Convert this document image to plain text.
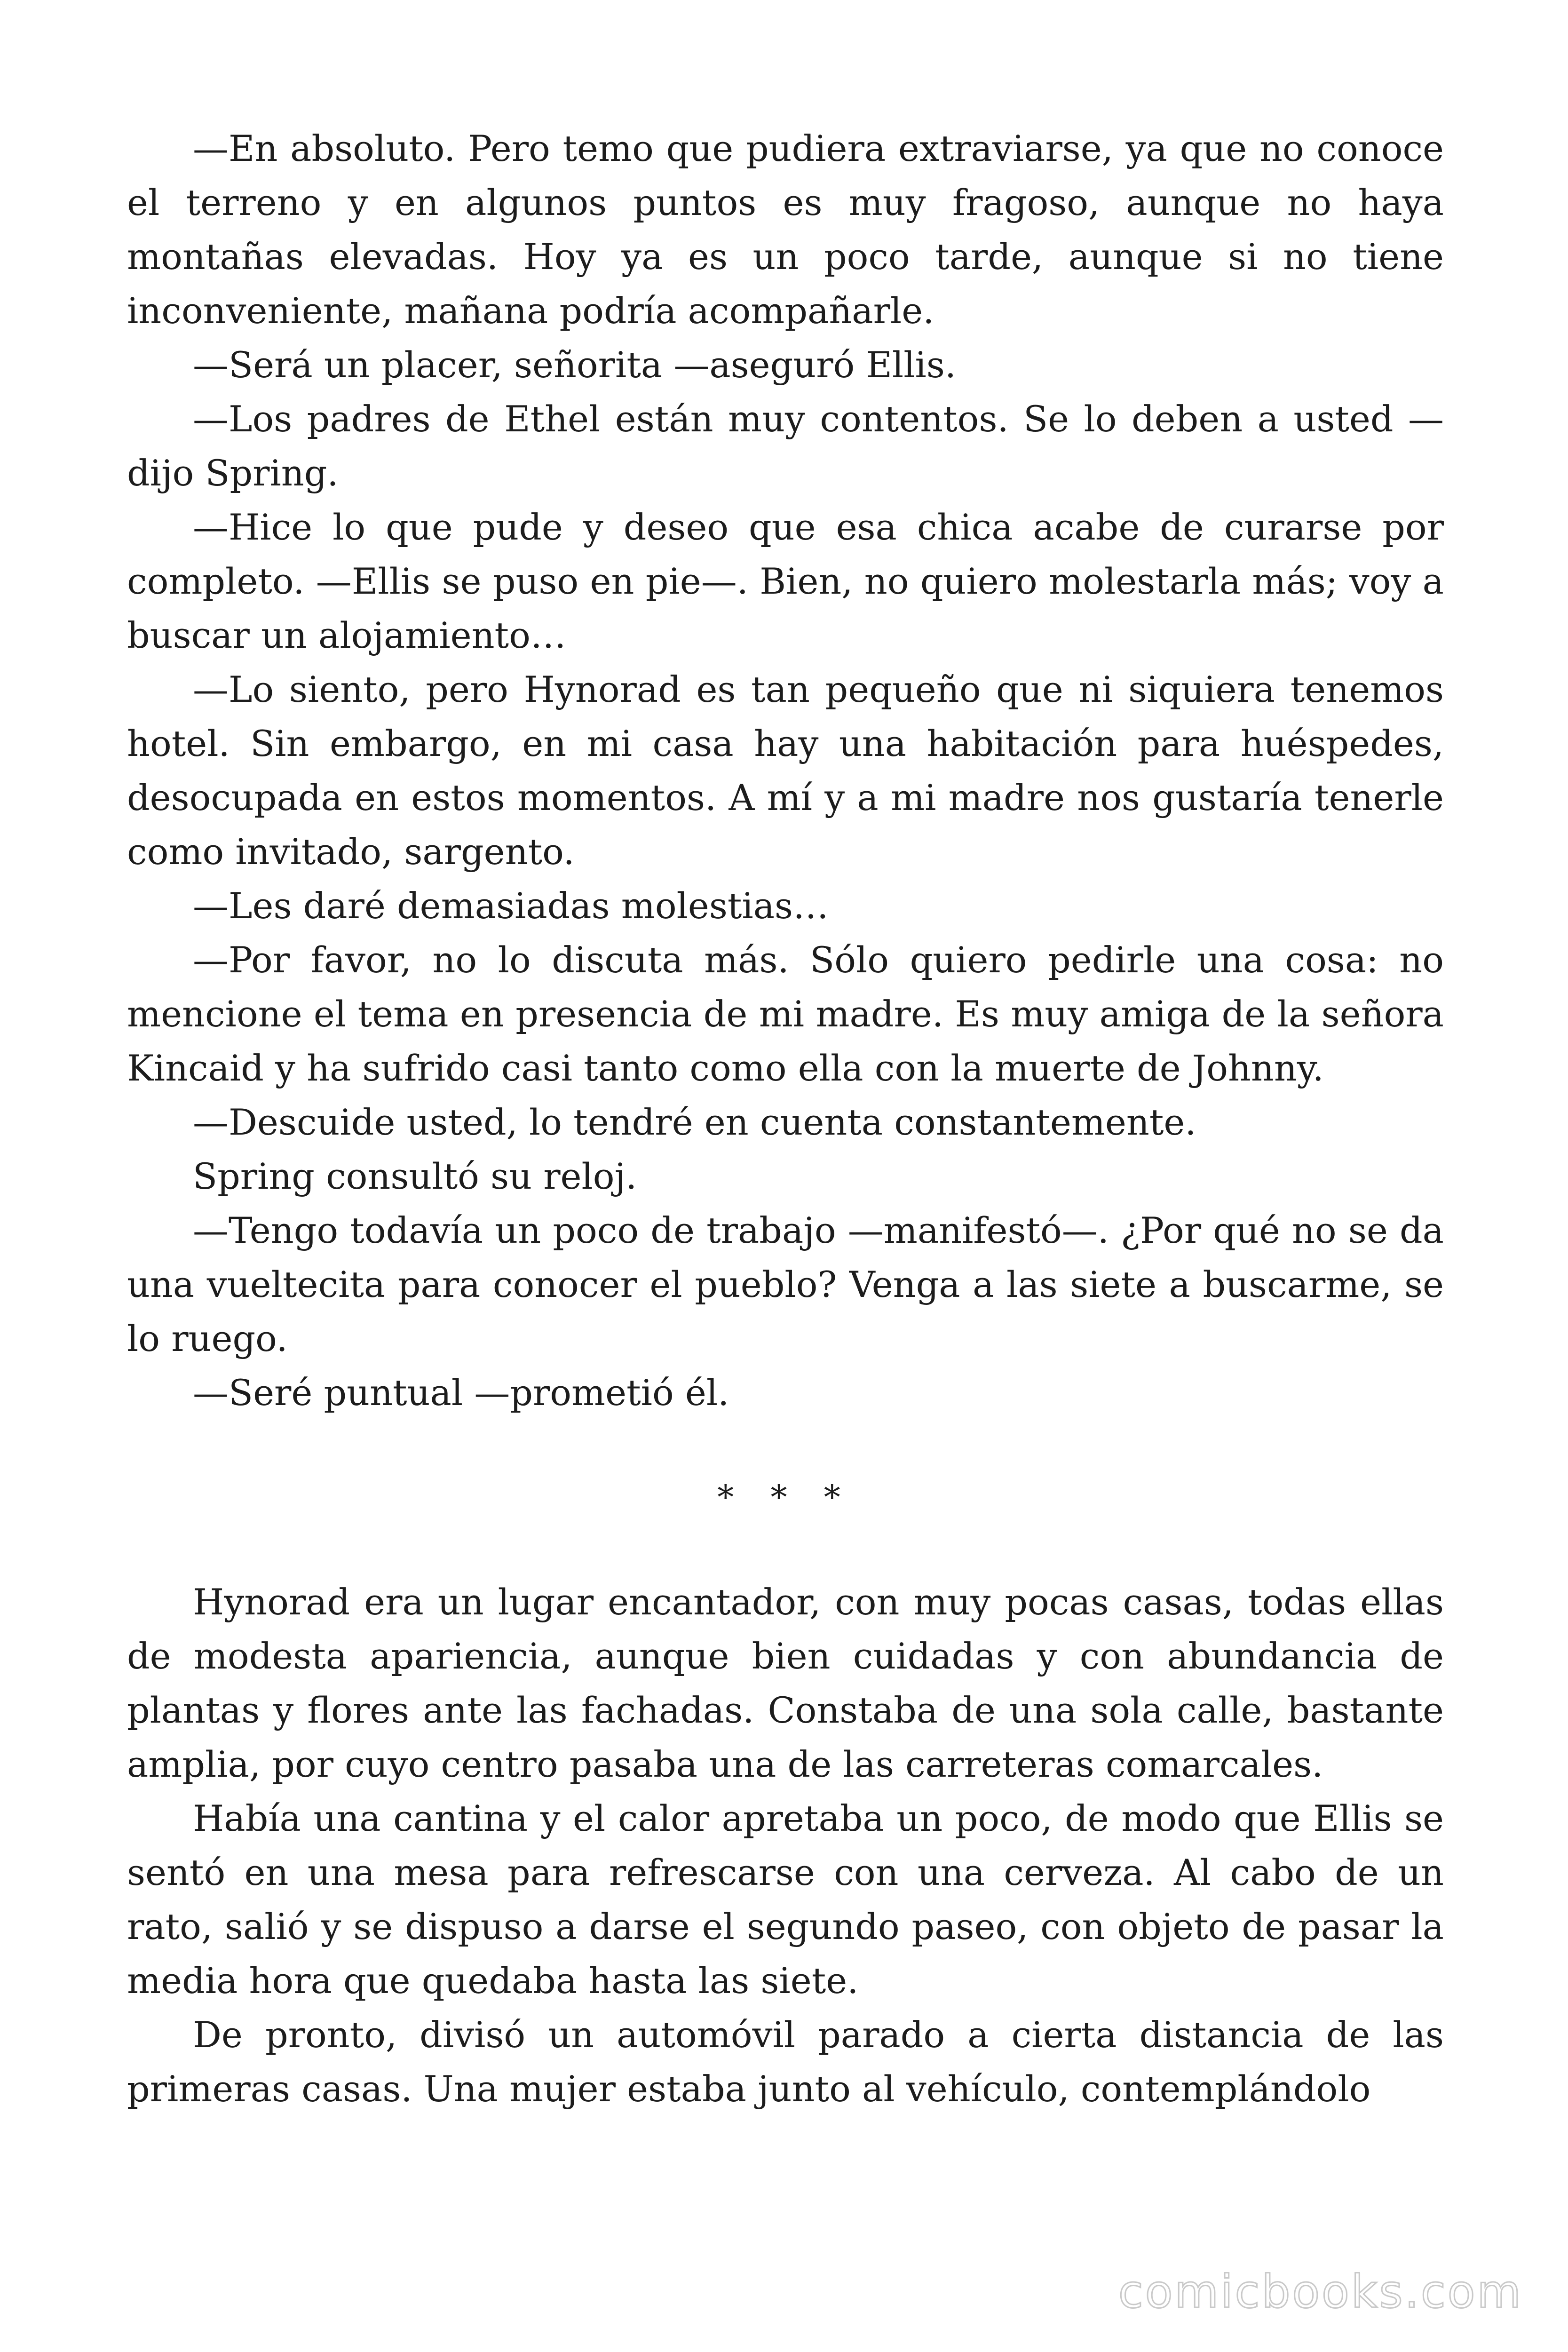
—En absoluto. Pero temo que pudiera extraviarse, ya que no conoce el terreno y en algunos puntos es muy fragoso, aunque no haya montañas elevadas. Hoy ya es un poco tarde, aunque si no tiene inconveniente, mañana podría acompañarle.

—Será un placer, señorita —aseguró Ellis.

—Los padres de Ethel están muy contentos. Se lo deben a usted —dijo Spring.

—Hice lo que pude y deseo que esa chica acabe de curarse por completo. —Ellis se puso en pie—. Bien, no quiero molestarla más; voy a buscar un alojamiento…

—Lo siento, pero Hynorad es tan pequeño que ni siquiera tenemos hotel. Sin embargo, en mi casa hay una habitación para huéspedes, desocupada en estos momentos. A mí y a mi madre nos gustaría tenerle como invitado, sargento.

—Les daré demasiadas molestias…

—Por favor, no lo discuta más. Sólo quiero pedirle una cosa: no mencione el tema en presencia de mi madre. Es muy amiga de la señora Kincaid y ha sufrido casi tanto como ella con la muerte de Johnny.

—Descuide usted, lo tendré en cuenta constantemente.

Spring consultó su reloj.

—Tengo todavía un poco de trabajo —manifestó—. ¿Por qué no se da una vueltecita para conocer el pueblo? Venga a las siete a buscarme, se lo ruego.

—Seré puntual —prometió él.

* * *

Hynorad era un lugar encantador, con muy pocas casas, todas ellas de modesta apariencia, aunque bien cuidadas y con abundancia de plantas y flores ante las fachadas. Constaba de una sola calle, bastante amplia, por cuyo centro pasaba una de las carreteras comarcales.

Había una cantina y el calor apretaba un poco, de modo que Ellis se sentó en una mesa para refrescarse con una cerveza. Al cabo de un rato, salió y se dispuso a darse el segundo paseo, con objeto de pasar la media hora que quedaba hasta las siete.

De pronto, divisó un automóvil parado a cierta distancia de las primeras casas. Una mujer estaba junto al vehículo, contemplándolo

comicbooks.com
